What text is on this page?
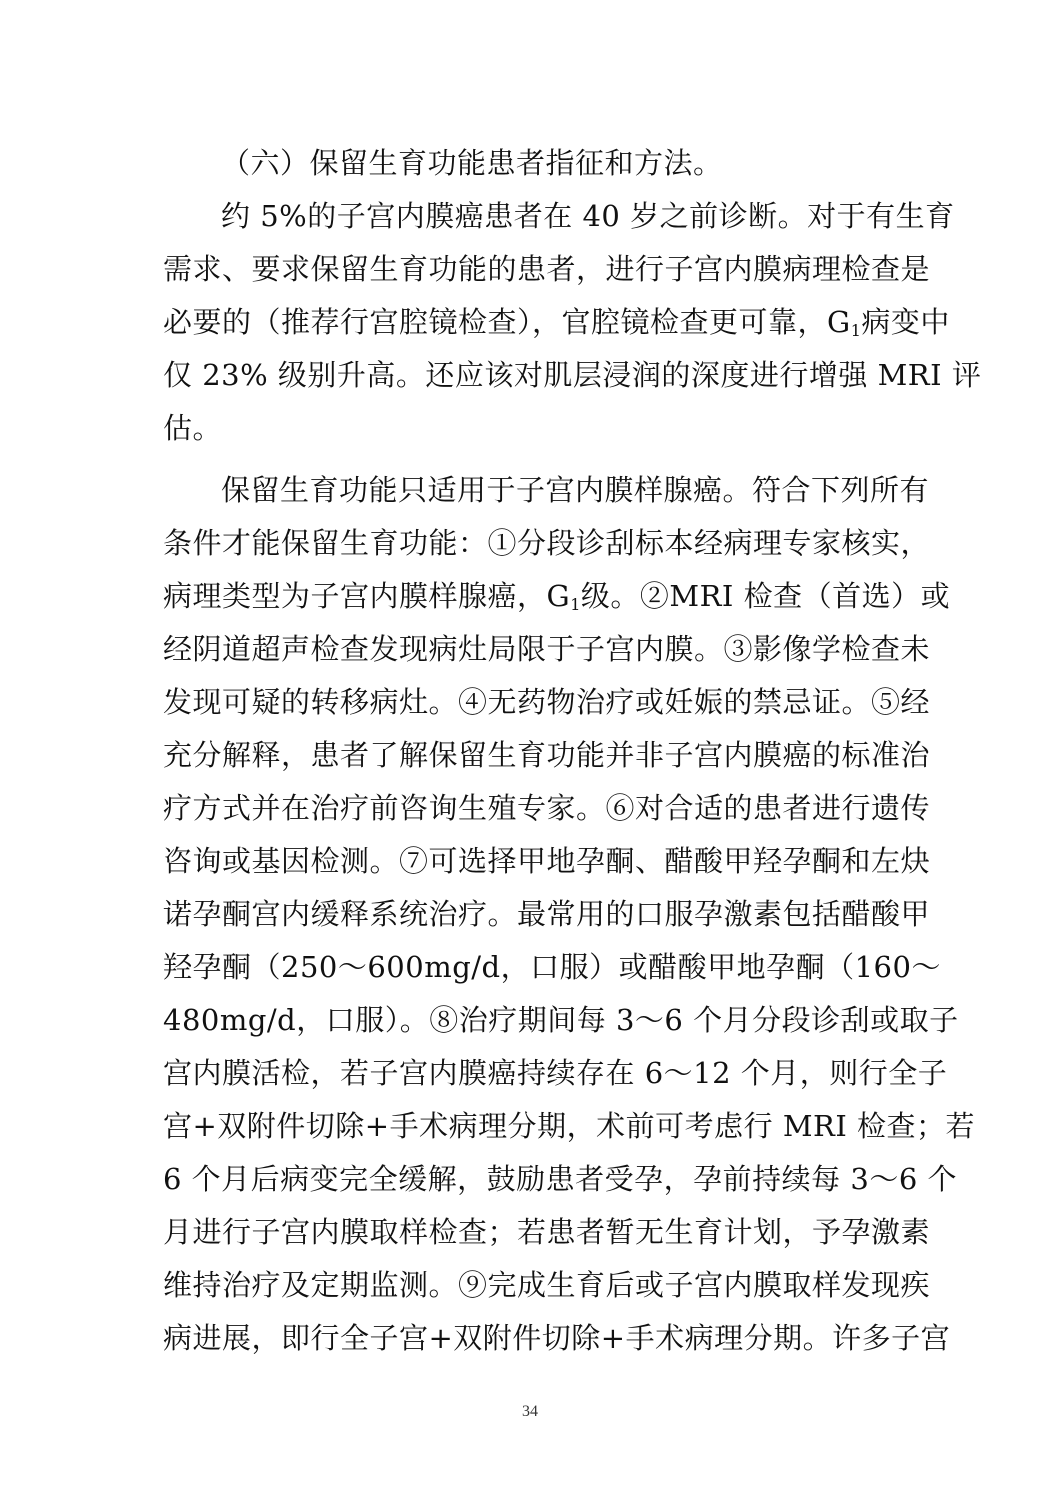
（六）保留生育功能患者指征和方法。
约 5%的子宫内膜癌患者在 40 岁之前诊断。对于有生育
需求、要求保留生育功能的患者，进行子宫内膜病理检查是
必要的（推荐行宫腔镜检查），官腔镜检查更可靠，$G_1$病变中
仅 23% 级别升高。还应该对肌层浸润的深度进行增强 MRI 评
估。
保留生育功能只适用于子宫内膜样腺癌。符合下列所有
条件才能保留生育功能：①分段诊刮标本经病理专家核实，
病理类型为子宫内膜样腺癌，$G_1$级。②MRI 检查（首选）或
经阴道超声检查发现病灶局限于子宫内膜。③影像学检查未
发现可疑的转移病灶。④无药物治疗或妊娠的禁忌证。⑤经
充分解释，患者了解保留生育功能并非子宫内膜癌的标准治
疗方式并在治疗前咨询生殖专家。⑥对合适的患者进行遗传
咨询或基因检测。⑦可选择甲地孕酮、醋酸甲羟孕酮和左炔
诺孕酮宫内缓释系统治疗。最常用的口服孕激素包括醋酸甲
羟孕酮（250～600mg/d，口服）或醋酸甲地孕酮（160～
480mg/d，口服）。⑧治疗期间每 3～6 个月分段诊刮或取子
宫内膜活检，若子宫内膜癌持续存在 6～12 个月，则行全子
宫+双附件切除+手术病理分期，术前可考虑行 MRI 检查；若
6 个月后病变完全缓解，鼓励患者受孕，孕前持续每 3～6 个
月进行子宫内膜取样检查；若患者暂无生育计划，予孕激素
维持治疗及定期监测。⑨完成生育后或子宫内膜取样发现疾
病进展，即行全子宫+双附件切除+手术病理分期。许多子宫
34
